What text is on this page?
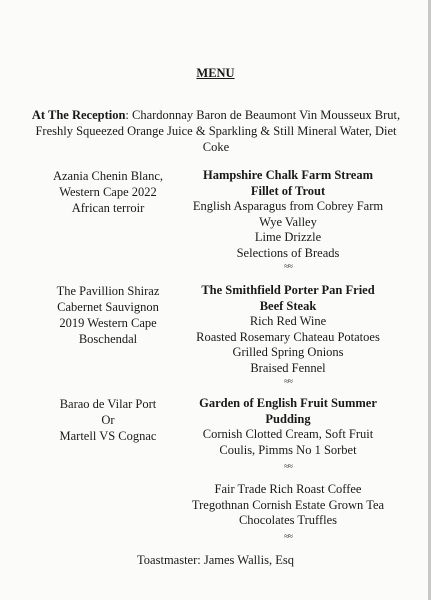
MENU
At The Reception: Chardonnay Baron de Beaumont Vin Mousseux Brut, Freshly Squeezed Orange Juice & Sparkling & Still Mineral Water, Diet Coke
Azania Chenin Blanc,
Western Cape 2022
African terroir
Hampshire Chalk Farm Stream
Fillet of Trout
English Asparagus from Cobrey Farm
Wye Valley
Lime Drizzle
Selections of Breads
≈≈
The Pavillion Shiraz
Cabernet Sauvignon
2019 Western Cape
Boschendal
The Smithfield Porter Pan Fried
Beef Steak
Rich Red Wine
Roasted Rosemary Chateau Potatoes
Grilled Spring Onions
Braised Fennel
≈≈
Barao de Vilar Port
Or
Martell VS Cognac
Garden of English Fruit Summer
Pudding
Cornish Clotted Cream, Soft Fruit
Coulis, Pimms No 1 Sorbet
≈≈
Fair Trade Rich Roast Coffee
Tregothnan Cornish Estate Grown Tea
Chocolates Truffles
≈≈
Toastmaster: James Wallis, Esq
